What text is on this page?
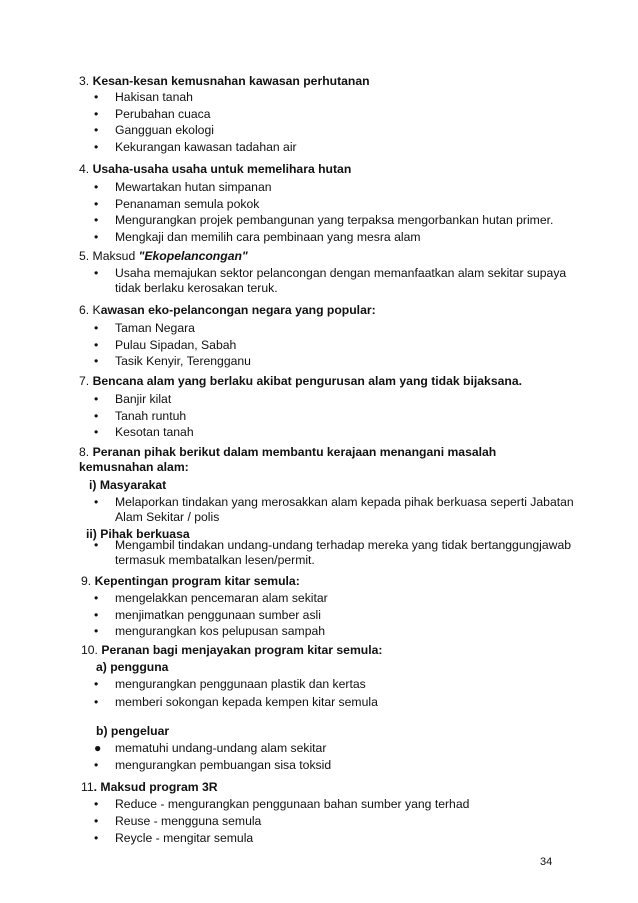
3. Kesan-kesan kemusnahan kawasan perhutanan
•	Hakisan tanah
•	Perubahan cuaca
•	Gangguan ekologi
•	Kekurangan kawasan tadahan air
4. Usaha-usaha usaha untuk memelihara hutan
•	Mewartakan hutan simpanan
•	Penanaman semula pokok
•	Mengurangkan projek pembangunan yang terpaksa mengorbankan hutan primer.
•	Mengkaji dan memilih cara pembinaan yang mesra alam
5. Maksud "Ekopelancongan"
•	Usaha memajukan sektor pelancongan dengan memanfaatkan alam sekitar supaya tidak berlaku kerosakan teruk.
6. Kawasan eko-pelancongan negara yang popular:
•	Taman Negara
•	Pulau Sipadan, Sabah
•	Tasik Kenyir, Terengganu
7. Bencana alam yang berlaku akibat pengurusan alam yang tidak bijaksana.
•	Banjir kilat
•	Tanah runtuh
•	Kesotan tanah
8. Peranan pihak berikut dalam membantu kerajaan menangani masalah kemusnahan alam:
i) Masyarakat
•	Melaporkan tindakan yang merosakkan alam kepada pihak berkuasa seperti Jabatan Alam Sekitar / polis
ii) Pihak berkuasa
•	Mengambil tindakan undang-undang terhadap mereka yang tidak bertanggungjawab termasuk membatalkan lesen/permit.
9. Kepentingan program kitar semula:
•	mengelakkan pencemaran alam sekitar
•	menjimatkan penggunaan sumber asli
•	mengurangkan kos pelupusan sampah
10. Peranan bagi menjayakan program kitar semula:
a) pengguna
•	mengurangkan penggunaan plastik dan kertas
•	memberi sokongan kepada kempen kitar semula
b) pengeluar
●	mematuhi undang-undang alam sekitar
•	mengurangkan pembuangan sisa toksid
11. Maksud program 3R
•	Reduce - mengurangkan penggunaan bahan sumber yang terhad
•	Reuse - mengguna semula
•	Reycle - mengitar semula
34
